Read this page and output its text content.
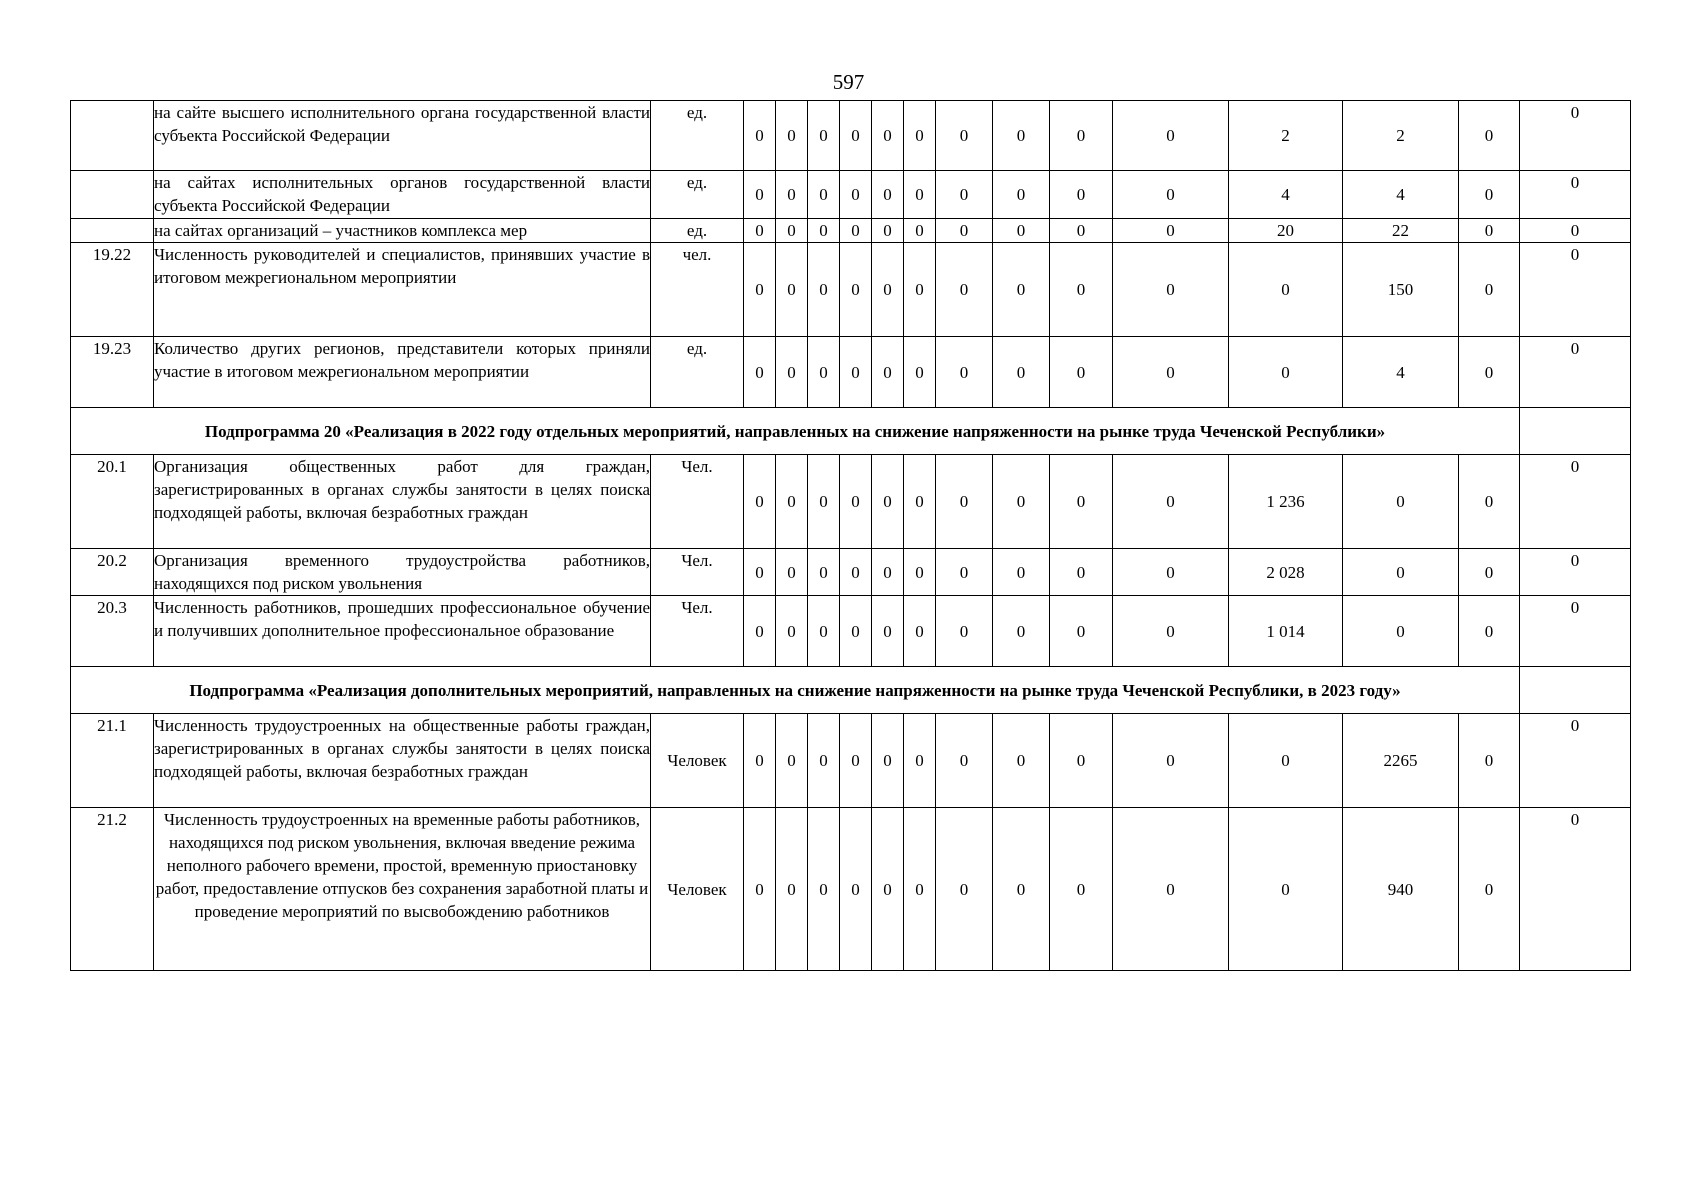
597
	на сайте высшего исполнительного органа государственной власти субъекта Российской Федерации	ед.	0	0	0	0	0	0	0	0	0	0	2	2	0	0
	на сайтах исполнительных органов государственной власти субъекта Российской Федерации	ед.	0	0	0	0	0	0	0	0	0	0	4	4	0	0
	на сайтах организаций – участников комплекса мер	ед.	0	0	0	0	0	0	0	0	0	0	20	22	0	0
19.22	Численность руководителей и специалистов, принявших участие в итоговом межрегиональном мероприятии	чел.	0	0	0	0	0	0	0	0	0	0	0	150	0	0
19.23	Количество других регионов, представители которых приняли участие в итоговом межрегиональном мероприятии	ед.	0	0	0	0	0	0	0	0	0	0	0	4	0	0
Подпрограмма 20 «Реализация в 2022 году отдельных мероприятий, направленных на снижение напряженности на рынке труда Чеченской Республики»																
20.1	Организация общественных работ для граждан, зарегистрированных в органах службы занятости в целях поиска подходящей работы, включая безработных граждан	Чел.	0	0	0	0	0	0	0	0	0	0	1 236	0	0	0
20.2	Организация временного трудоустройства работников, находящихся под риском увольнения	Чел.	0	0	0	0	0	0	0	0	0	0	2 028	0	0	0
20.3	Численность работников, прошедших профессиональное обучение и получивших дополнительное профессиональное образование	Чел.	0	0	0	0	0	0	0	0	0	0	1 014	0	0	0
Подпрограмма «Реализация дополнительных мероприятий, направленных на снижение напряженности на рынке труда Чеченской Республики, в 2023 году»																
21.1	Численность трудоустроенных на общественные работы граждан, зарегистрированных в органах службы занятости в целях поиска подходящей работы, включая безработных граждан	Человек	0	0	0	0	0	0	0	0	0	0	0	2265	0	0
21.2	Численность трудоустроенных на временные работы работников, находящихся под риском увольнения, включая введение режима неполного рабочего времени, простой, временную приостановку работ, предоставление отпусков без сохранения заработной платы и проведение мероприятий по высвобождению работников	Человек	0	0	0	0	0	0	0	0	0	0	0	940	0	0
